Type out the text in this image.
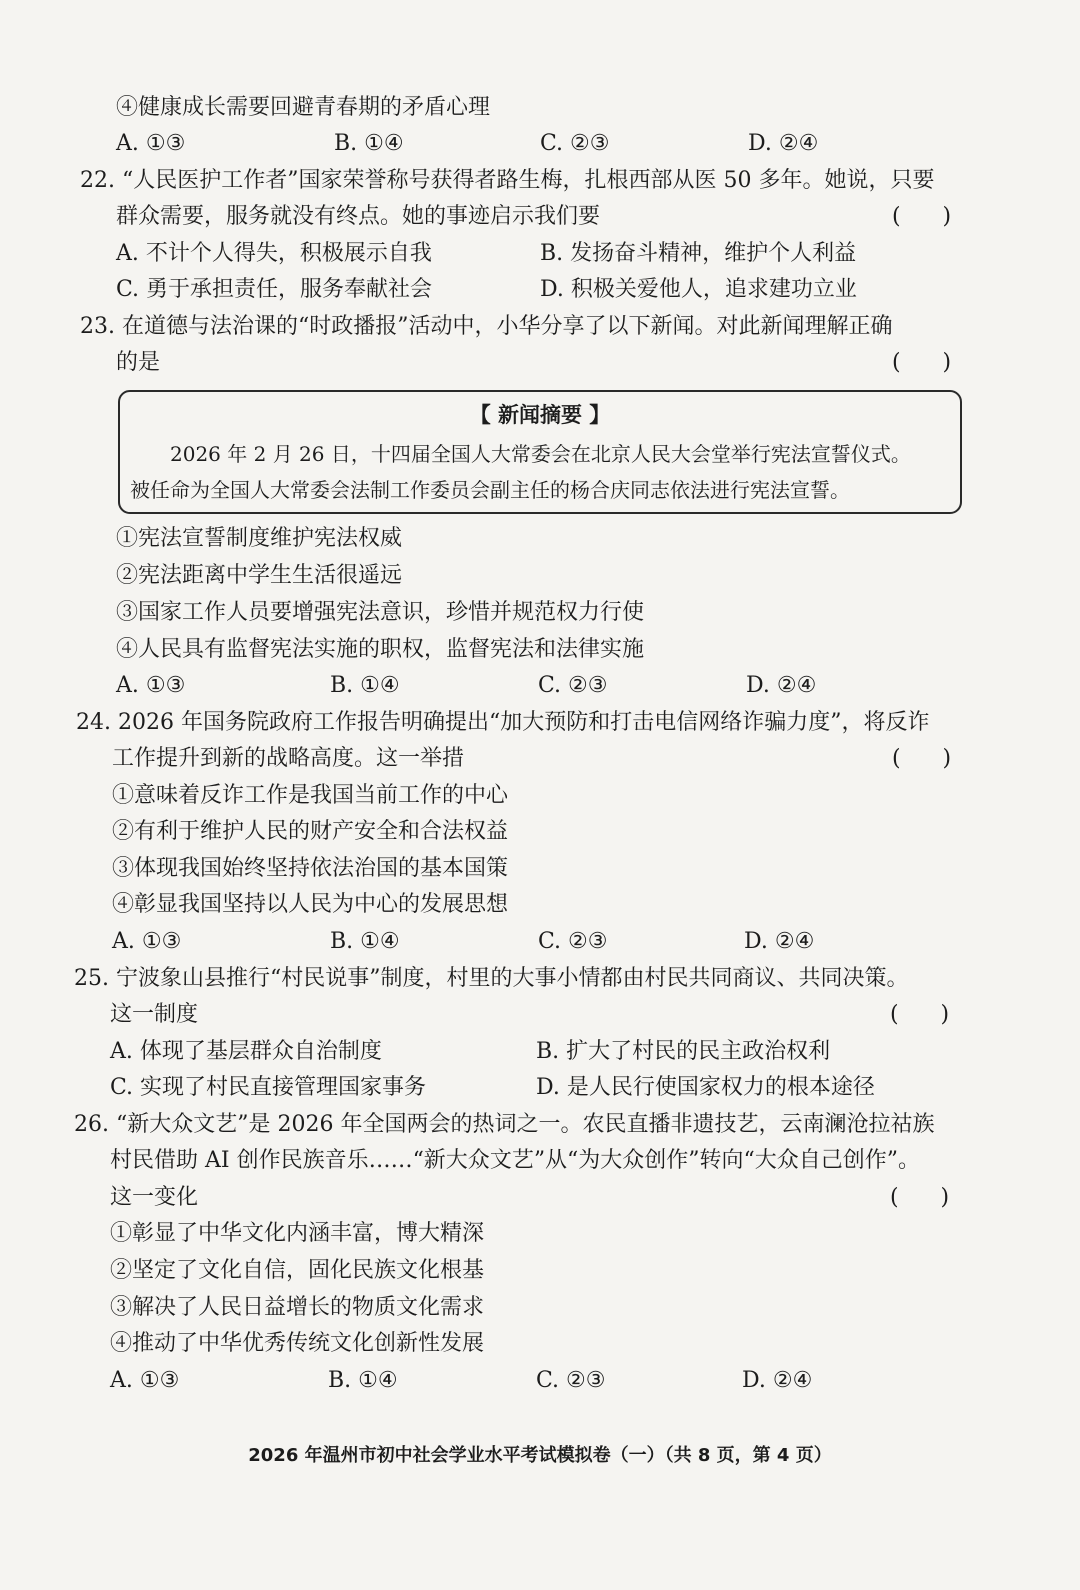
④健康成长需要回避青春期的矛盾心理
A. ①③	B. ①④	C. ②③	D. ②④
22. “人民医护工作者”国家荣誉称号获得者路生梅，扎根西部从医 50 多年。她说，只要
群众需要，服务就没有终点。她的事迹启示我们要	(      )
A. 不计个人得失，积极展示自我	B. 发扬奋斗精神，维护个人利益
C. 勇于承担责任，服务奉献社会	D. 积极关爱他人，追求建功立业
23. 在道德与法治课的“时政播报”活动中，小华分享了以下新闻。对此新闻理解正确
的是	(      )
【 新闻摘要 】
2026 年 2 月 26 日，十四届全国人大常委会在北京人民大会堂举行宪法宣誓仪式。
被任命为全国人大常委会法制工作委员会副主任的杨合庆同志依法进行宪法宣誓。
①宪法宣誓制度维护宪法权威
②宪法距离中学生生活很遥远
③国家工作人员要增强宪法意识，珍惜并规范权力行使
④人民具有监督宪法实施的职权，监督宪法和法律实施
A. ①③	B. ①④	C. ②③	D. ②④
24. 2026 年国务院政府工作报告明确提出“加大预防和打击电信网络诈骗力度”，将反诈
工作提升到新的战略高度。这一举措	(      )
①意味着反诈工作是我国当前工作的中心
②有利于维护人民的财产安全和合法权益
③体现我国始终坚持依法治国的基本国策
④彰显我国坚持以人民为中心的发展思想
A. ①③	B. ①④	C. ②③	D. ②④
25. 宁波象山县推行“村民说事”制度，村里的大事小情都由村民共同商议、共同决策。
这一制度	(      )
A. 体现了基层群众自治制度	B. 扩大了村民的民主政治权利
C. 实现了村民直接管理国家事务	D. 是人民行使国家权力的根本途径
26. “新大众文艺”是 2026 年全国两会的热词之一。农民直播非遗技艺，云南澜沧拉祜族
村民借助 AI 创作民族音乐……“新大众文艺”从“为大众创作”转向“大众自己创作”。
这一变化	(      )
①彰显了中华文化内涵丰富，博大精深
②坚定了文化自信，固化民族文化根基
③解决了人民日益增长的物质文化需求
④推动了中华优秀传统文化创新性发展
A. ①③	B. ①④	C. ②③	D. ②④
2026 年温州市初中社会学业水平考试模拟卷（一）（共 8 页，第 4 页）
